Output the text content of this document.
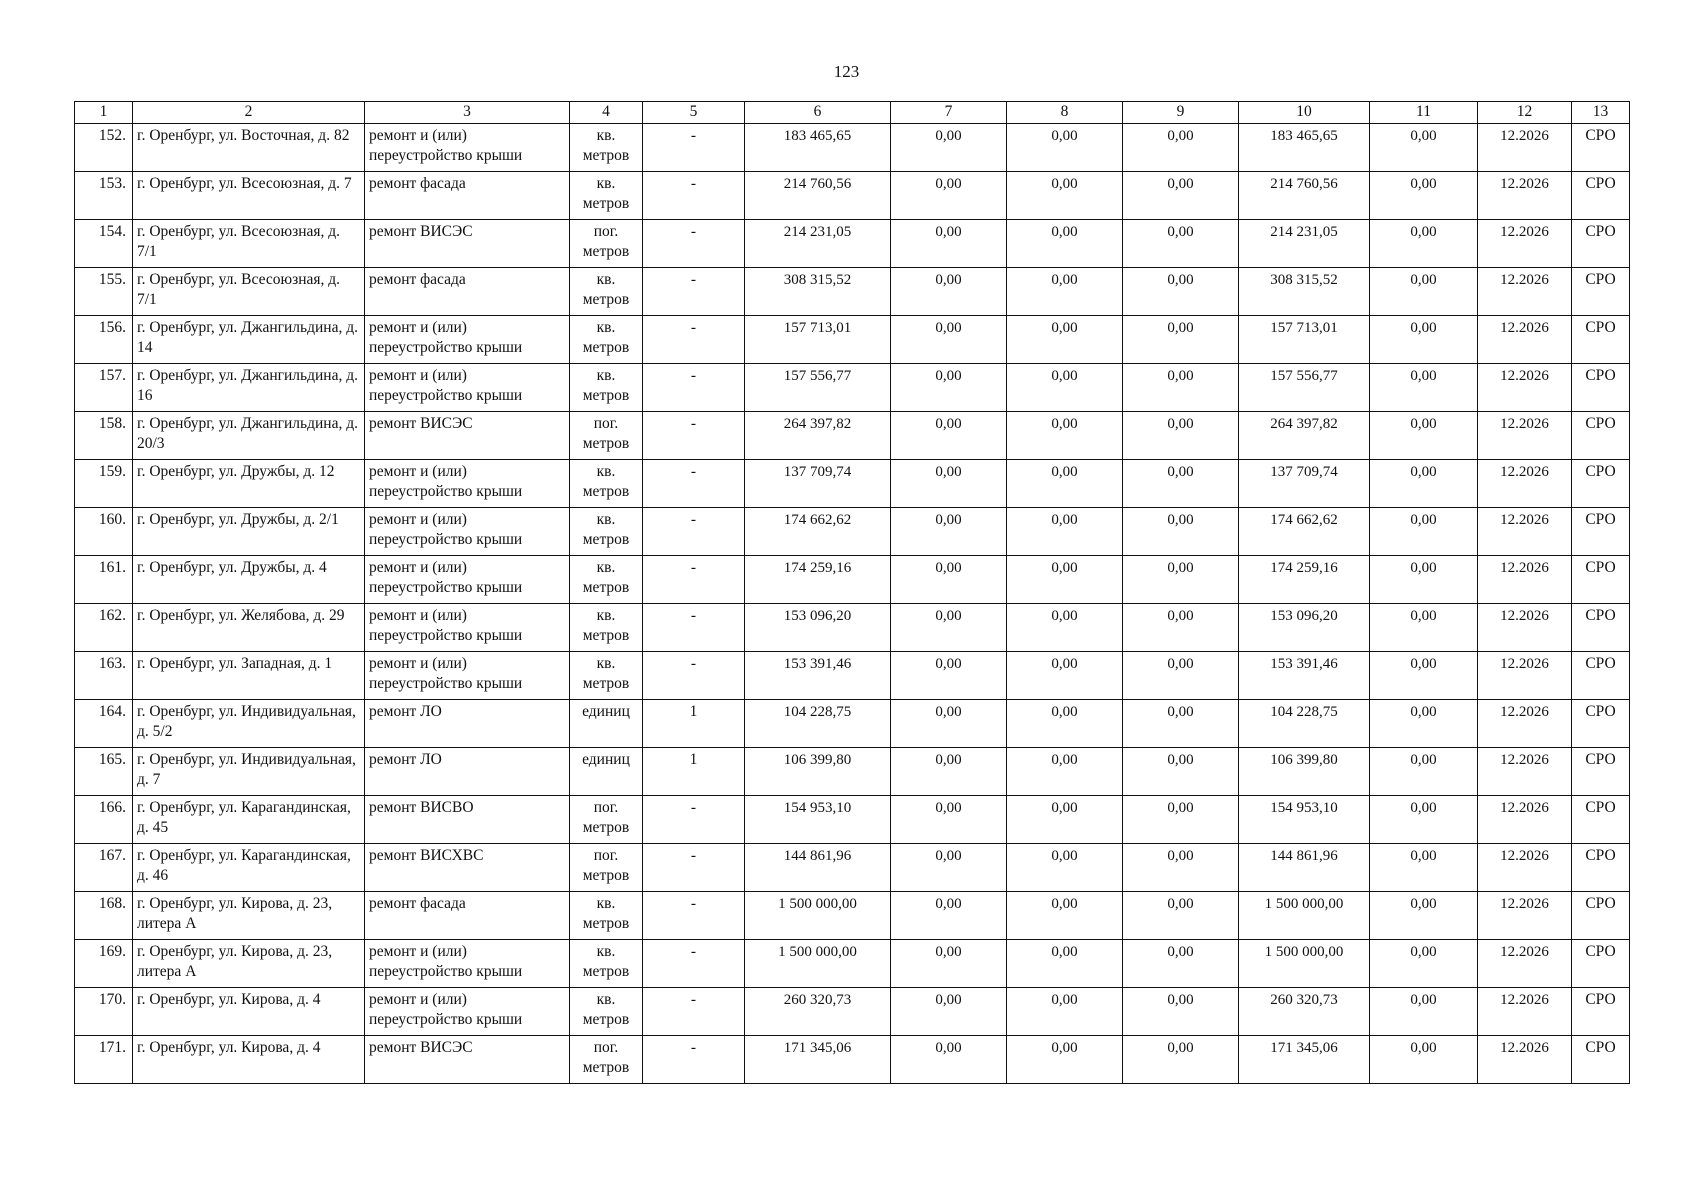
123
1	2	3	4	5	6	7	8	9	10	11	12	13
152.	г. Оренбург, ул. Восточная, д. 82	ремонт и (или) переустройство крыши	кв. метров	-	183 465,65	0,00	0,00	0,00	183 465,65	0,00	12.2026	СРО
153.	г. Оренбург, ул. Всесоюзная, д. 7	ремонт фасада	кв. метров	-	214 760,56	0,00	0,00	0,00	214 760,56	0,00	12.2026	СРО
154.	г. Оренбург, ул. Всесоюзная, д. 7/1	ремонт ВИСЭС	пог. метров	-	214 231,05	0,00	0,00	0,00	214 231,05	0,00	12.2026	СРО
155.	г. Оренбург, ул. Всесоюзная, д. 7/1	ремонт фасада	кв. метров	-	308 315,52	0,00	0,00	0,00	308 315,52	0,00	12.2026	СРО
156.	г. Оренбург, ул. Джангильдина, д. 14	ремонт и (или) переустройство крыши	кв. метров	-	157 713,01	0,00	0,00	0,00	157 713,01	0,00	12.2026	СРО
157.	г. Оренбург, ул. Джангильдина, д. 16	ремонт и (или) переустройство крыши	кв. метров	-	157 556,77	0,00	0,00	0,00	157 556,77	0,00	12.2026	СРО
158.	г. Оренбург, ул. Джангильдина, д. 20/3	ремонт ВИСЭС	пог. метров	-	264 397,82	0,00	0,00	0,00	264 397,82	0,00	12.2026	СРО
159.	г. Оренбург, ул. Дружбы, д. 12	ремонт и (или) переустройство крыши	кв. метров	-	137 709,74	0,00	0,00	0,00	137 709,74	0,00	12.2026	СРО
160.	г. Оренбург, ул. Дружбы, д. 2/1	ремонт и (или) переустройство крыши	кв. метров	-	174 662,62	0,00	0,00	0,00	174 662,62	0,00	12.2026	СРО
161.	г. Оренбург, ул. Дружбы, д. 4	ремонт и (или) переустройство крыши	кв. метров	-	174 259,16	0,00	0,00	0,00	174 259,16	0,00	12.2026	СРО
162.	г. Оренбург, ул. Желябова, д. 29	ремонт и (или) переустройство крыши	кв. метров	-	153 096,20	0,00	0,00	0,00	153 096,20	0,00	12.2026	СРО
163.	г. Оренбург, ул. Западная, д. 1	ремонт и (или) переустройство крыши	кв. метров	-	153 391,46	0,00	0,00	0,00	153 391,46	0,00	12.2026	СРО
164.	г. Оренбург, ул. Индивидуальная, д. 5/2	ремонт ЛО	единиц	1	104 228,75	0,00	0,00	0,00	104 228,75	0,00	12.2026	СРО
165.	г. Оренбург, ул. Индивидуальная, д. 7	ремонт ЛО	единиц	1	106 399,80	0,00	0,00	0,00	106 399,80	0,00	12.2026	СРО
166.	г. Оренбург, ул. Карагандинская, д. 45	ремонт ВИСВО	пог. метров	-	154 953,10	0,00	0,00	0,00	154 953,10	0,00	12.2026	СРО
167.	г. Оренбург, ул. Карагандинская, д. 46	ремонт ВИСХВС	пог. метров	-	144 861,96	0,00	0,00	0,00	144 861,96	0,00	12.2026	СРО
168.	г. Оренбург, ул. Кирова, д. 23, литера А	ремонт фасада	кв. метров	-	1 500 000,00	0,00	0,00	0,00	1 500 000,00	0,00	12.2026	СРО
169.	г. Оренбург, ул. Кирова, д. 23, литера А	ремонт и (или) переустройство крыши	кв. метров	-	1 500 000,00	0,00	0,00	0,00	1 500 000,00	0,00	12.2026	СРО
170.	г. Оренбург, ул. Кирова, д. 4	ремонт и (или) переустройство крыши	кв. метров	-	260 320,73	0,00	0,00	0,00	260 320,73	0,00	12.2026	СРО
171.	г. Оренбург, ул. Кирова, д. 4	ремонт ВИСЭС	пог. метров	-	171 345,06	0,00	0,00	0,00	171 345,06	0,00	12.2026	СРО
